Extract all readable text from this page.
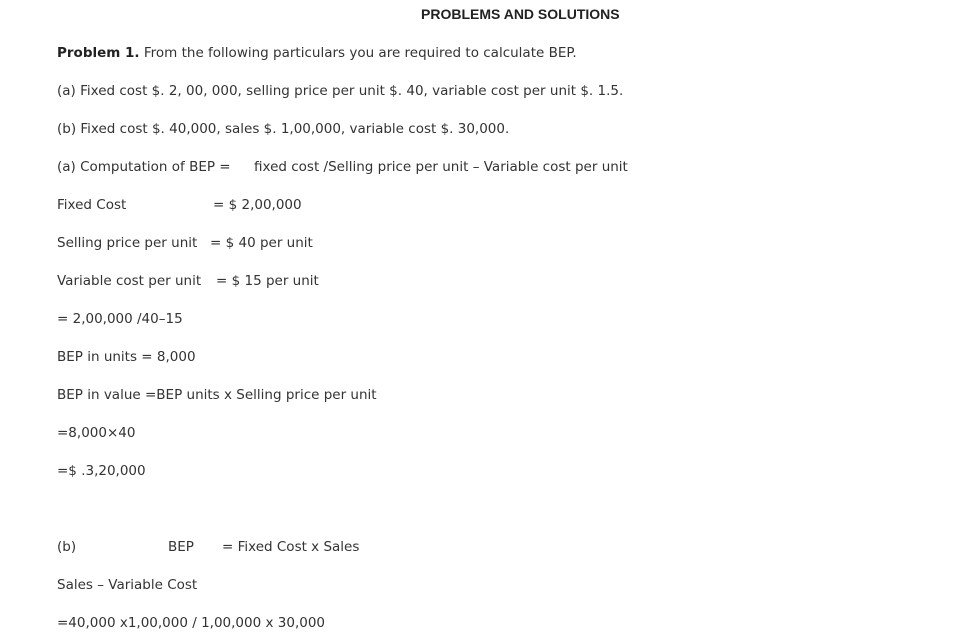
PROBLEMS AND SOLUTIONS
Problem 1. From the following particulars you are required to calculate BEP.
(a) Fixed cost $. 2, 00, 000, selling price per unit $. 40, variable cost per unit $. 1.5.
(b) Fixed cost $. 40,000, sales $. 1,00,000, variable cost $. 30,000.
(a) Computation of BEP = fixed cost /Selling price per unit – Variable cost per unit
Fixed Cost	= $ 2,00,000
Selling price per unit = $ 40 per unit
Variable cost per unit = $ 15 per unit
= 2,00,000 /40–15
BEP in units = 8,000
BEP in value =BEP units x Selling price per unit
=8,000×40
=$ .3,20,000
(b)	BEP = Fixed Cost x Sales
Sales – Variable Cost
=40,000 x1,00,000 / 1,00,000 x 30,000
